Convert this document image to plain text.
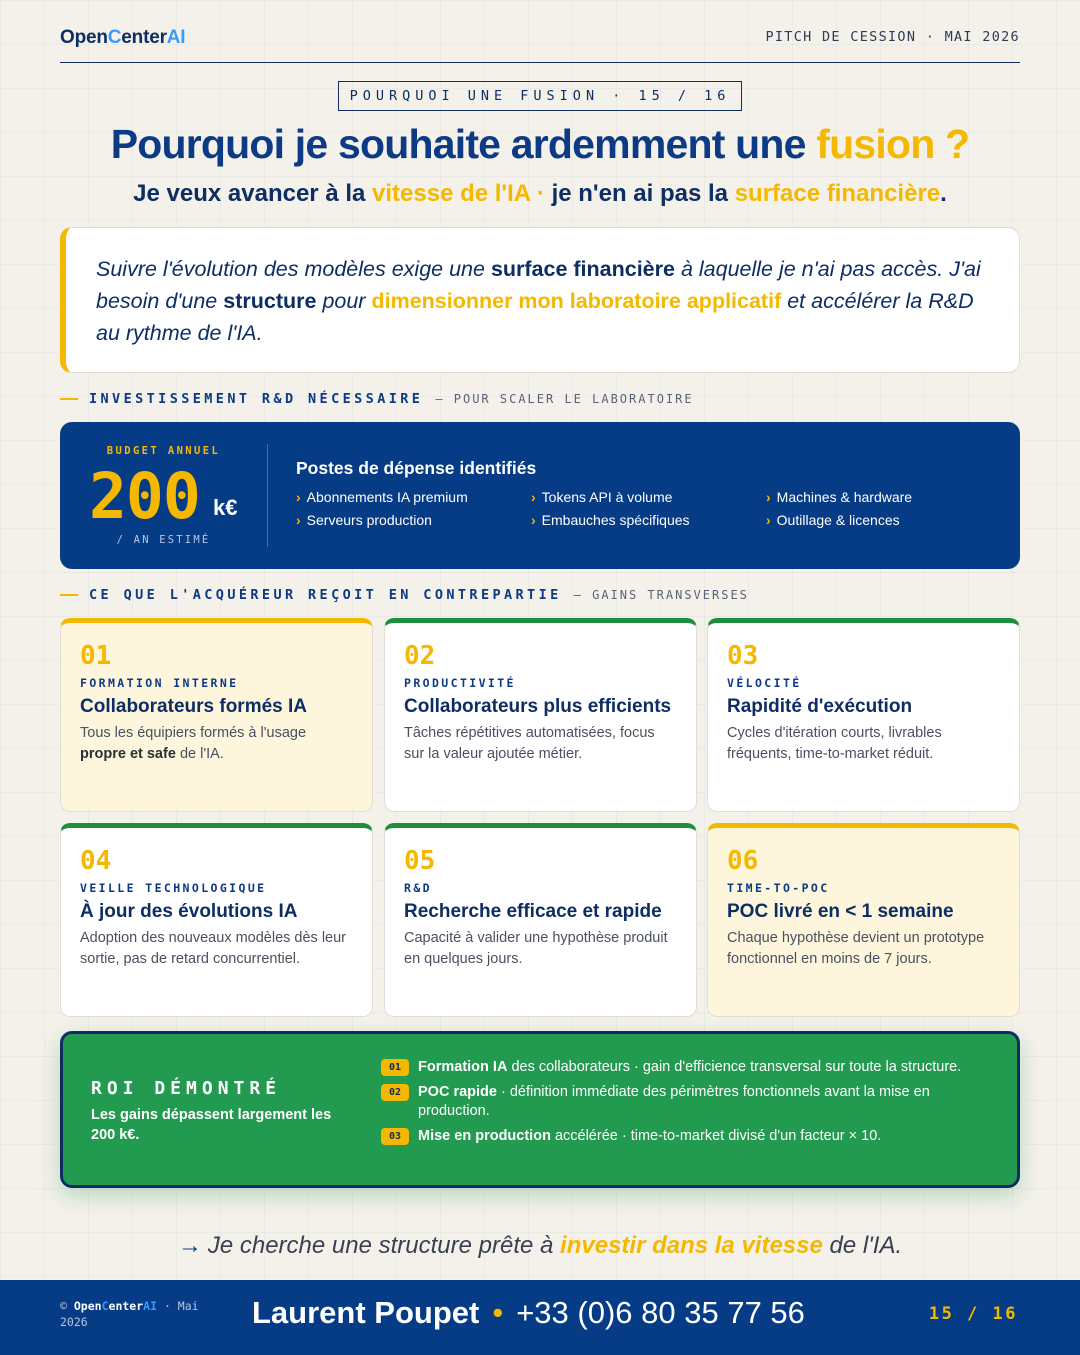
OpenCenterAI	PITCH DE CESSION · MAI 2026
POURQUOI UNE FUSION · 15 / 16
Pourquoi je souhaite ardemment une fusion ?
Je veux avancer à la vitesse de l'IA · je n'en ai pas la surface financière.
Suivre l'évolution des modèles exige une surface financière à laquelle je n'ai pas accès. J'ai besoin d'une structure pour dimensionner mon laboratoire applicatif et accélérer la R&D au rythme de l'IA.
INVESTISSEMENT R&D NÉCESSAIRE — POUR SCALER LE LABORATOIRE
BUDGET ANNUEL
200 k€
/ AN ESTIMÉ
Postes de dépense identifiés
› Abonnements IA premium	› Tokens API à volume	› Machines & hardware
› Serveurs production	› Embauches spécifiques	› Outillage & licences
CE QUE L'ACQUÉREUR REÇOIT EN CONTREPARTIE — GAINS TRANSVERSES
01
FORMATION INTERNE
Collaborateurs formés IA
Tous les équipiers formés à l'usage propre et safe de l'IA.
02
PRODUCTIVITÉ
Collaborateurs plus efficients
Tâches répétitives automatisées, focus sur la valeur ajoutée métier.
03
VÉLOCITÉ
Rapidité d'exécution
Cycles d'itération courts, livrables fréquents, time-to-market réduit.
04
VEILLE TECHNOLOGIQUE
À jour des évolutions IA
Adoption des nouveaux modèles dès leur sortie, pas de retard concurrentiel.
05
R&D
Recherche efficace et rapide
Capacité à valider une hypothèse produit en quelques jours.
06
TIME-TO-POC
POC livré en < 1 semaine
Chaque hypothèse devient un prototype fonctionnel en moins de 7 jours.
ROI DÉMONTRÉ
Les gains dépassent largement les 200 k€.
01	Formation IA des collaborateurs · gain d'efficience transversal sur toute la structure.
02	POC rapide · définition immédiate des périmètres fonctionnels avant la mise en production.
03	Mise en production accélérée · time-to-market divisé d'un facteur × 10.
→ Je cherche une structure prête à investir dans la vitesse de l'IA.
© OpenCenterAI · Mai 2026	Laurent Poupet • +33 (0)6 80 35 77 56	15 / 16
